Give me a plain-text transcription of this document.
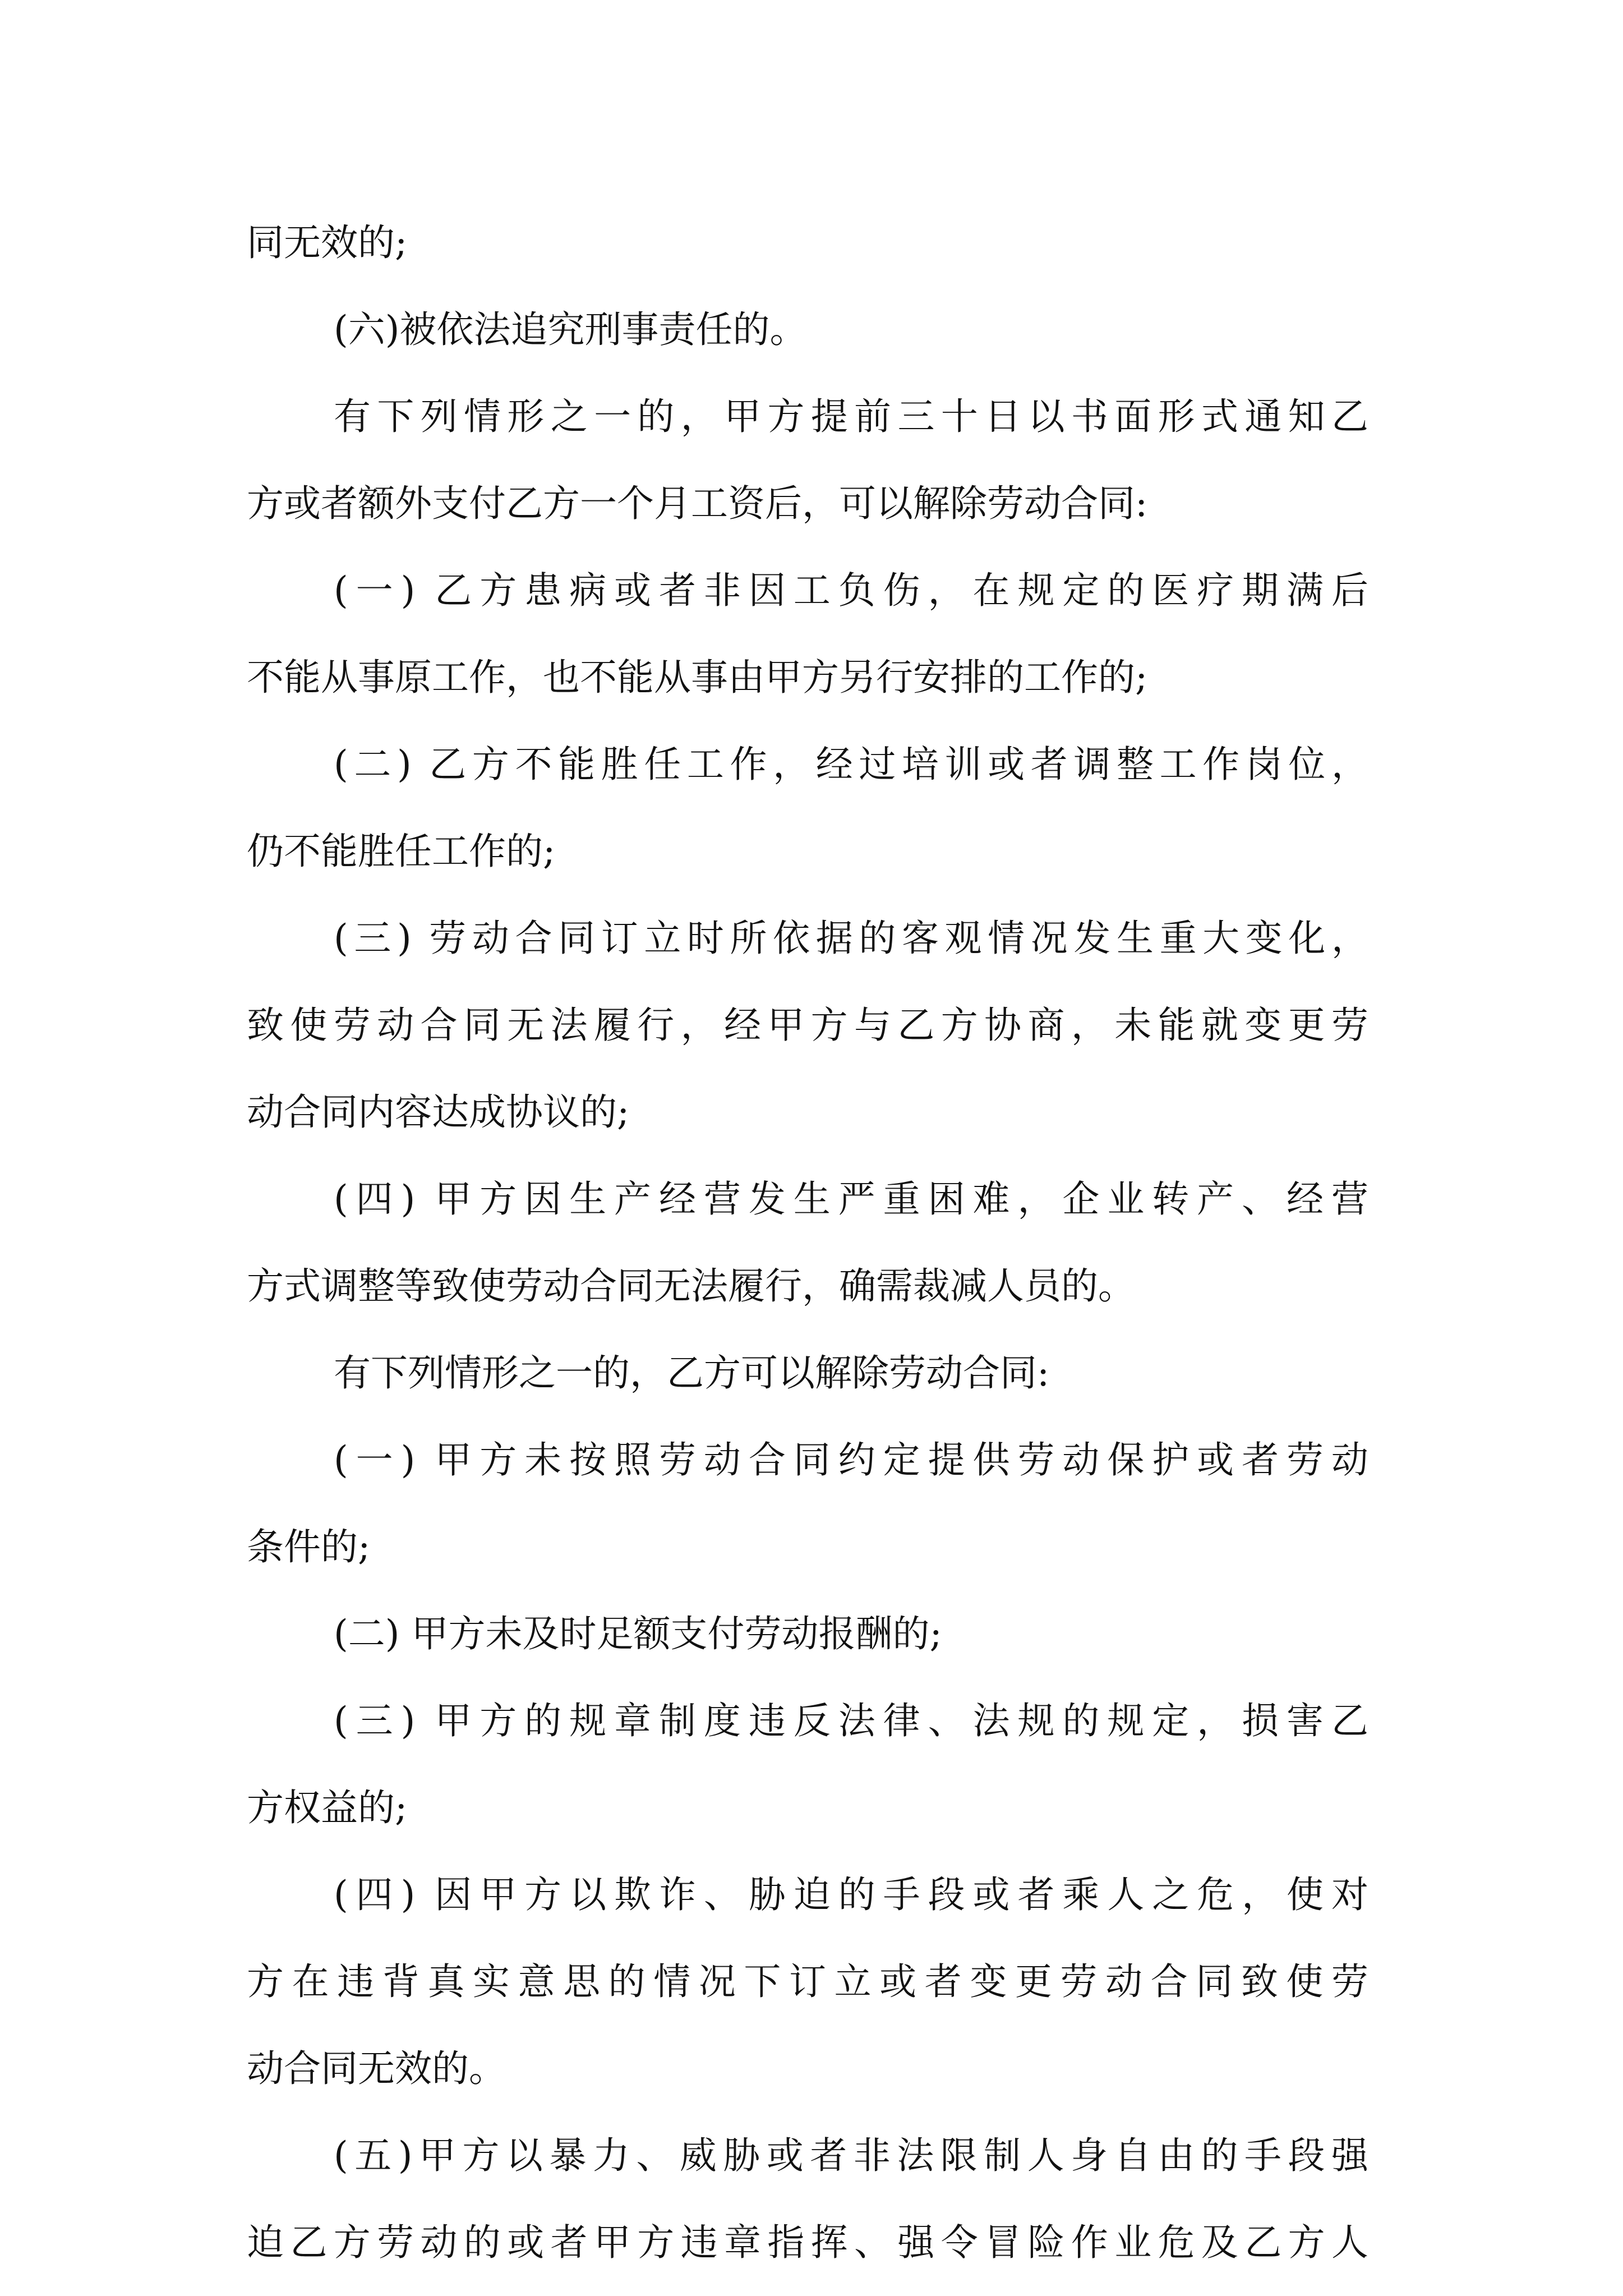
同无效的;
(六)被依法追究刑事责任的。
有下列情形之一的，甲方提前三十日以书面形式通知乙
方或者额外支付乙方一个月工资后，可以解除劳动合同:
(一) 乙方患病或者非因工负伤，在规定的医疗期满后
不能从事原工作，也不能从事由甲方另行安排的工作的;
(二) 乙方不能胜任工作，经过培训或者调整工作岗位，
仍不能胜任工作的;
(三) 劳动合同订立时所依据的客观情况发生重大变化，
致使劳动合同无法履行，经甲方与乙方协商，未能就变更劳
动合同内容达成协议的;
(四) 甲方因生产经营发生严重困难，企业转产、经营
方式调整等致使劳动合同无法履行，确需裁减人员的。
有下列情形之一的，乙方可以解除劳动合同:
(一) 甲方未按照劳动合同约定提供劳动保护或者劳动
条件的;
(二) 甲方未及时足额支付劳动报酬的;
(三) 甲方的规章制度违反法律、法规的规定，损害乙
方权益的;
(四) 因甲方以欺诈、胁迫的手段或者乘人之危，使对
方在违背真实意思的情况下订立或者变更劳动合同致使劳
动合同无效的。
(五)甲方以暴力、威胁或者非法限制人身自由的手段强
迫乙方劳动的或者甲方违章指挥、强令冒险作业危及乙方人
